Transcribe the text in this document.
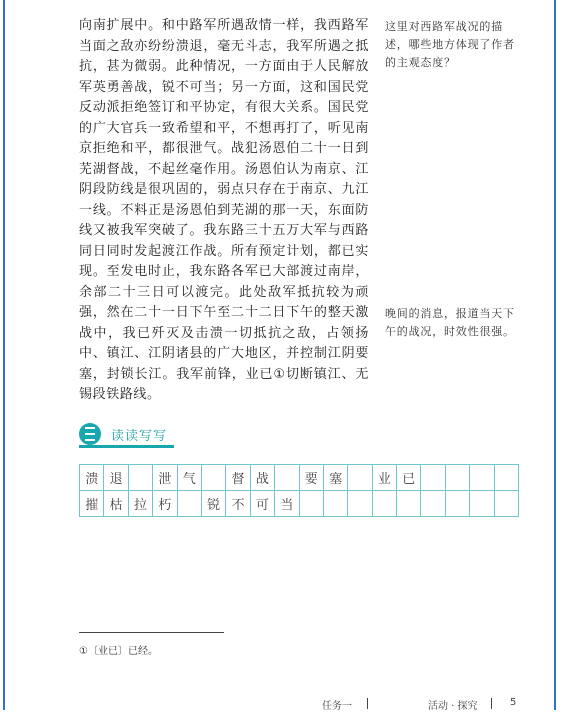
向南扩展中。和中路军所遇敌情一样，我西路军当面之敌亦纷纷溃退，毫无斗志，我军所遇之抵抗，甚为微弱。此种情况，一方面由于人民解放军英勇善战，锐不可当；另一方面，这和国民党反动派拒绝签订和平协定，有很大关系。国民党的广大官兵一致希望和平，不想再打了，听见南京拒绝和平，都很泄气。战犯汤恩伯二十一日到芜湖督战，不起丝毫作用。汤恩伯认为南京、江阴段防线是很巩固的，弱点只存在于南京、九江一线。不料正是汤恩伯到芜湖的那一天，东面防线又被我军突破了。我东路三十五万大军与西路同日同时发起渡江作战。所有预定计划，都已实现。至发电时止，我东路各军已大部渡过南岸，余部二十三日可以渡完。此处敌军抵抗较为顽强，然在二十一日下午至二十二日下午的整天激战中，我已歼灭及击溃一切抵抗之敌，占领扬中、镇江、江阴诸县的广大地区，并控制江阴要塞，封锁长江。我军前锋，业已①切断镇江、无锡段铁路线。

这里对西路军战况的描述，哪些地方体现了作者的主观态度？

晚间的消息，报道当天下午的战况，时效性很强。

读读写写
溃 退	泄 气	督 战	要 塞	业 已
摧 枯 拉 朽	锐 不 可 当
①〔业已〕已经。
任务一	活动 · 探究	5
